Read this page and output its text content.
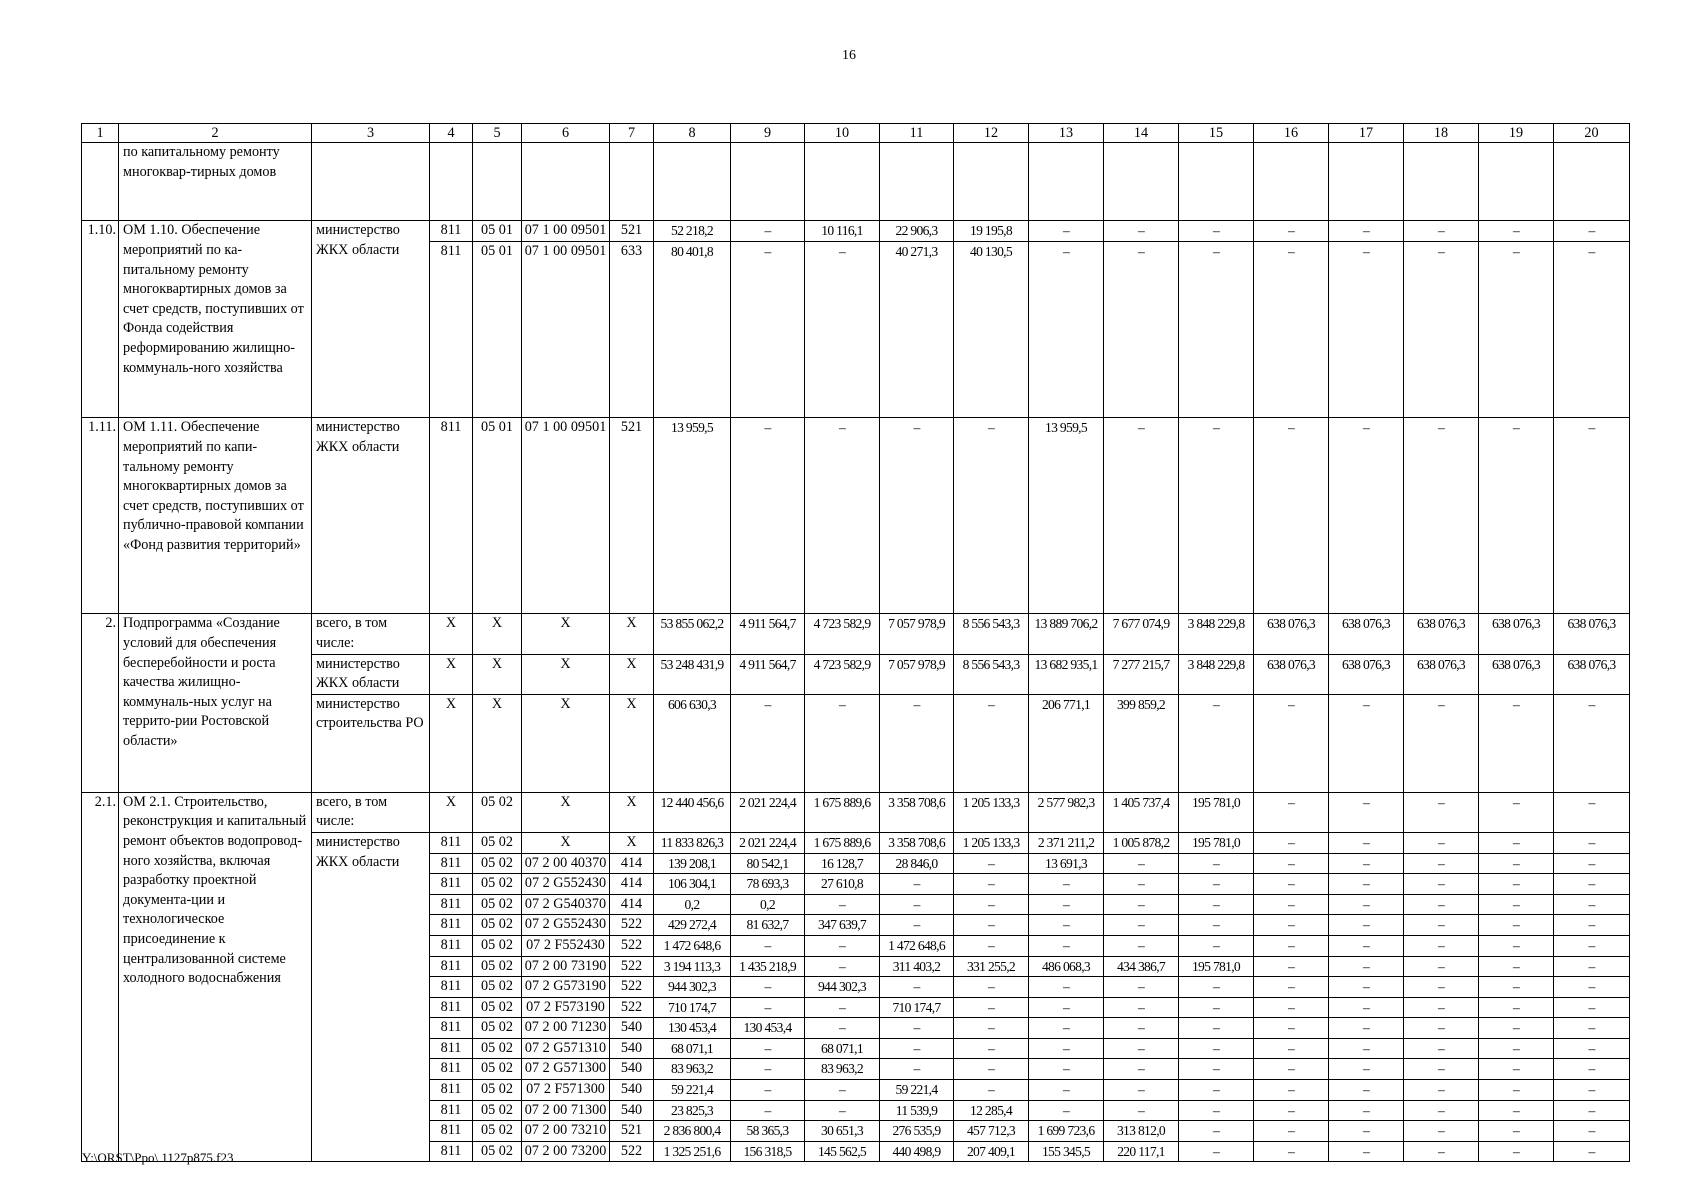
16
1	2	3	4	5	6	7	8	9	10	11	12	13	14	15	16	17	18	19	20
	по капитальному ремонту многоквар-тирных домов																		
1.10.	ОМ 1.10. Обеспечение мероприятий по ка-питальному ремонту многоквартирных домов за счет средств, поступивших от Фонда содействия реформированию жилищно-коммуналь-ного хозяйства	министерство ЖКХ области	811	05 01	07 1 00 09501	521	52 218,2	–	10 116,1	22 906,3	19 195,8	–	–	–	–	–	–	–	–
			811	05 01	07 1 00 09501	633	80 401,8	–	–	40 271,3	40 130,5	–	–	–	–	–	–	–	–
1.11.	ОМ 1.11. Обеспечение мероприятий по капи-тальному ремонту многоквартирных домов за счет средств, поступивших от публично-правовой компании «Фонд развития территорий»	министерство ЖКХ области	811	05 01	07 1 00 09501	521	13 959,5	–	–	–	–	13 959,5	–	–	–	–	–	–	–
2.	Подпрограмма «Создание условий для обеспечения бесперебойности и роста качества жилищно-коммуналь-ных услуг на террито-рии Ростовской области»	всего, в том числе:	X	X	X	X	53 855 062,2	4 911 564,7	4 723 582,9	7 057 978,9	8 556 543,3	13 889 706,2	7 677 074,9	3 848 229,8	638 076,3	638 076,3	638 076,3	638 076,3	638 076,3
		министерство ЖКХ области	X	X	X	X	53 248 431,9	4 911 564,7	4 723 582,9	7 057 978,9	8 556 543,3	13 682 935,1	7 277 215,7	3 848 229,8	638 076,3	638 076,3	638 076,3	638 076,3	638 076,3
		министерство строительства РО	X	X	X	X	606 630,3	–	–	–	–	206 771,1	399 859,2	–	–	–	–	–	–
2.1.	ОМ 2.1. Строительство, реконструкция и капитальный ремонт объектов водопровод-ного хозяйства, включая разработку проектной документа-ции и технологическое присоединение к централизованной системе холодного водоснабжения	всего, в том числе:	X	05 02	X	X	12 440 456,6	2 021 224,4	1 675 889,6	3 358 708,6	1 205 133,3	2 577 982,3	1 405 737,4	195 781,0	–	–	–	–	–
		министерство ЖКХ области	811	05 02	X	X	11 833 826,3	2 021 224,4	1 675 889,6	3 358 708,6	1 205 133,3	2 371 211,2	1 005 878,2	195 781,0	–	–	–	–	–
			811	05 02	07 2 00 40370	414	139 208,1	80 542,1	16 128,7	28 846,0	–	13 691,3	–	–	–	–	–	–	–
			811	05 02	07 2 G552430	414	106 304,1	78 693,3	27 610,8	–	–	–	–	–	–	–	–	–	–
			811	05 02	07 2 G540370	414	0,2	0,2	–	–	–	–	–	–	–	–	–	–	–
			811	05 02	07 2 G552430	522	429 272,4	81 632,7	347 639,7	–	–	–	–	–	–	–	–	–	–
			811	05 02	07 2 F552430	522	1 472 648,6	–	–	1 472 648,6	–	–	–	–	–	–	–	–	–
			811	05 02	07 2 00 73190	522	3 194 113,3	1 435 218,9	–	311 403,2	331 255,2	486 068,3	434 386,7	195 781,0	–	–	–	–	–
			811	05 02	07 2 G573190	522	944 302,3	–	944 302,3	–	–	–	–	–	–	–	–	–	–
			811	05 02	07 2 F573190	522	710 174,7	–	–	710 174,7	–	–	–	–	–	–	–	–	–
			811	05 02	07 2 00 71230	540	130 453,4	130 453,4	–	–	–	–	–	–	–	–	–	–	–
			811	05 02	07 2 G571310	540	68 071,1	–	68 071,1	–	–	–	–	–	–	–	–	–	–
			811	05 02	07 2 G571300	540	83 963,2	–	83 963,2	–	–	–	–	–	–	–	–	–	–
			811	05 02	07 2 F571300	540	59 221,4	–	–	59 221,4	–	–	–	–	–	–	–	–	–
			811	05 02	07 2 00 71300	540	23 825,3	–	–	11 539,9	12 285,4	–	–	–	–	–	–	–	–
			811	05 02	07 2 00 73210	521	2 836 800,4	58 365,3	30 651,3	276 535,9	457 712,3	1 699 723,6	313 812,0	–	–	–	–	–	–
			811	05 02	07 2 00 73200	522	1 325 251,6	156 318,5	145 562,5	440 498,9	207 409,1	155 345,5	220 117,1	–	–	–	–	–	–
Y:\ORST\Ppo\ 1127p875.f23
